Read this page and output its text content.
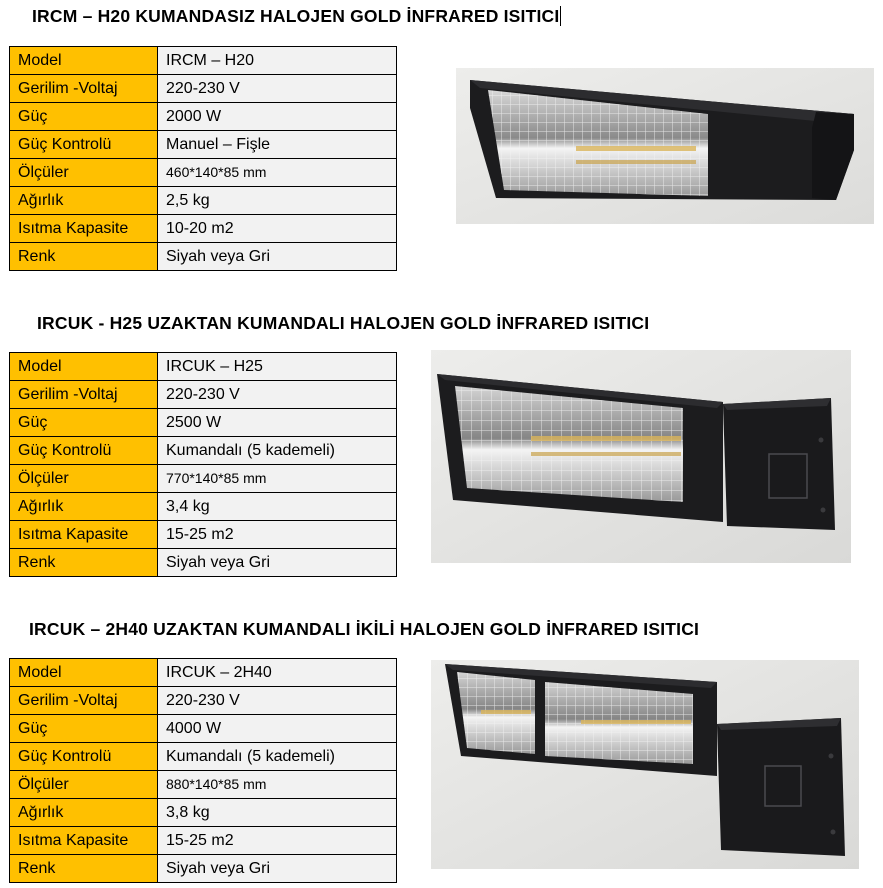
IRCM – H20 KUMANDASIZ HALOJEN GOLD İNFRARED ISITICI
Model	IRCM – H20
Gerilim -Voltaj	220-230 V
Güç	2000 W
Güç Kontrolü	Manuel – Fişle
Ölçüler	460*140*85 mm
Ağırlık	2,5 kg
Isıtma Kapasite	10-20 m2
Renk	Siyah veya Gri
IRCUK - H25 UZAKTAN KUMANDALI HALOJEN GOLD İNFRARED ISITICI
Model	IRCUK – H25
Gerilim -Voltaj	220-230 V
Güç	2500 W
Güç Kontrolü	Kumandalı (5 kademeli)
Ölçüler	770*140*85 mm
Ağırlık	3,4 kg
Isıtma Kapasite	15-25 m2
Renk	Siyah veya Gri
IRCUK – 2H40 UZAKTAN KUMANDALI İKİLİ HALOJEN GOLD İNFRARED ISITICI
Model	IRCUK – 2H40
Gerilim -Voltaj	220-230 V
Güç	4000 W
Güç Kontrolü	Kumandalı (5 kademeli)
Ölçüler	880*140*85 mm
Ağırlık	3,8 kg
Isıtma Kapasite	15-25 m2
Renk	Siyah veya Gri
